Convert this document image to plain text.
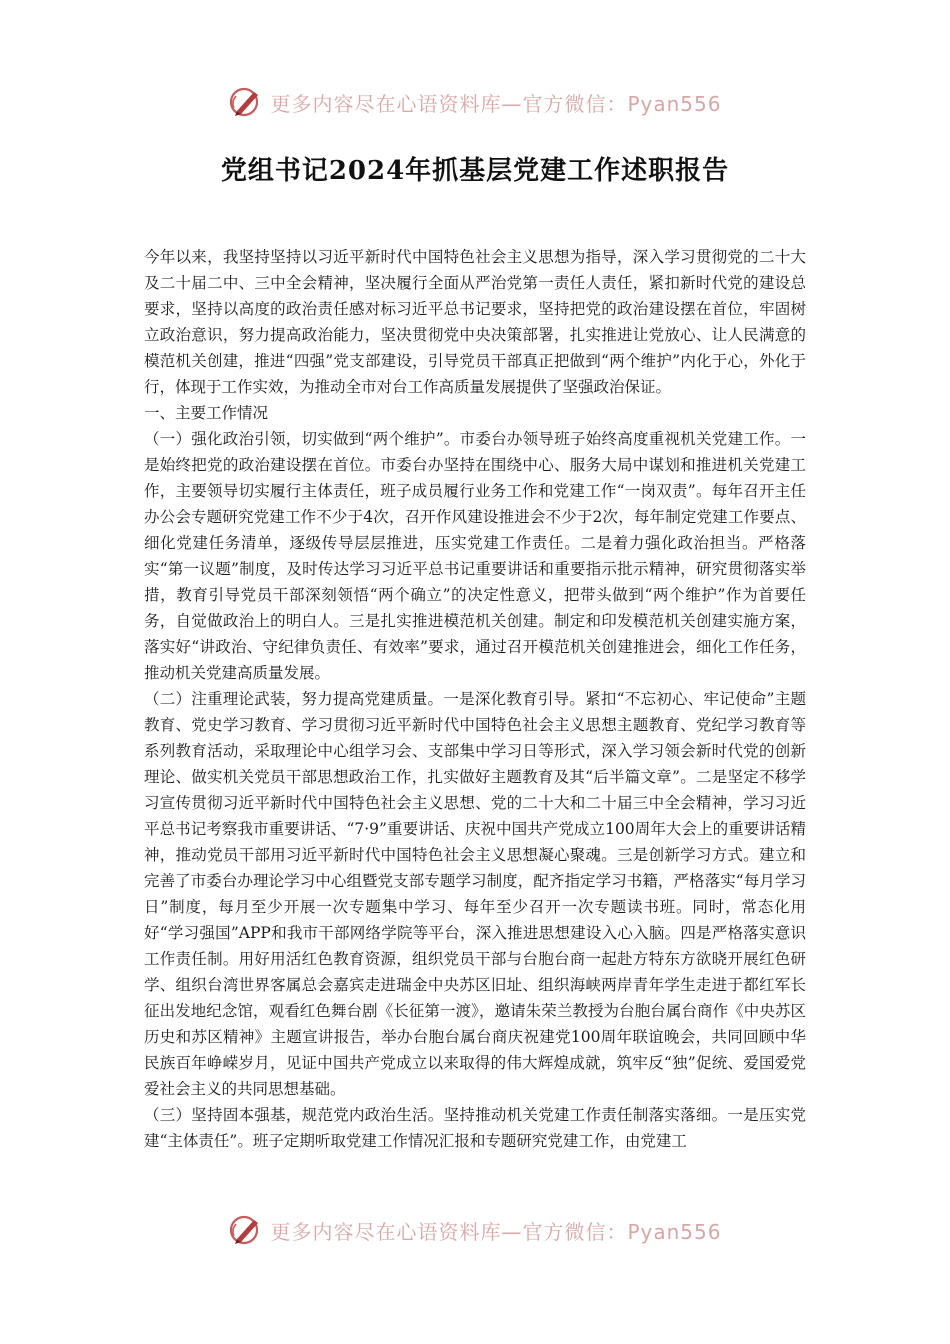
更多内容尽在心语资料库—官方微信：Pyan556
党组书记2024年抓基层党建工作述职报告

今年以来，我坚持坚持以习近平新时代中国特色社会主义思想为指导，深入学习贯彻党的二十大及二十届二中、三中全会精神，坚决履行全面从严治党第一责任人责任，紧扣新时代党的建设总要求，坚持以高度的政治责任感对标习近平总书记要求，坚持把党的政治建设摆在首位，牢固树立政治意识，努力提高政治能力，坚决贯彻党中央决策部署，扎实推进让党放心、让人民满意的模范机关创建，推进“四强”党支部建设，引导党员干部真正把做到“两个维护”内化于心，外化于行，体现于工作实效，为推动全市对台工作高质量发展提供了坚强政治保证。

一、主要工作情况

（一）强化政治引领，切实做到“两个维护”。市委台办领导班子始终高度重视机关党建工作。一是始终把党的政治建设摆在首位。市委台办坚持在围绕中心、服务大局中谋划和推进机关党建工作，主要领导切实履行主体责任，班子成员履行业务工作和党建工作“一岗双责”。每年召开主任办公会专题研究党建工作不少于4次，召开作风建设推进会不少于2次，每年制定党建工作要点、细化党建任务清单，逐级传导层层推进，压实党建工作责任。二是着力强化政治担当。严格落实“第一议题”制度，及时传达学习习近平总书记重要讲话和重要指示批示精神，研究贯彻落实举措，教育引导党员干部深刻领悟“两个确立”的决定性意义，把带头做到“两个维护”作为首要任务，自觉做政治上的明白人。三是扎实推进模范机关创建。制定和印发模范机关创建实施方案，落实好“讲政治、守纪律负责任、有效率”要求，通过召开模范机关创建推进会，细化工作任务，推动机关党建高质量发展。

（二）注重理论武装，努力提高党建质量。一是深化教育引导。紧扣“不忘初心、牢记使命”主题教育、党史学习教育、学习贯彻习近平新时代中国特色社会主义思想主题教育、党纪学习教育等系列教育活动，采取理论中心组学习会、支部集中学习日等形式，深入学习领会新时代党的创新理论、做实机关党员干部思想政治工作，扎实做好主题教育及其“后半篇文章”。二是坚定不移学习宣传贯彻习近平新时代中国特色社会主义思想、党的二十大和二十届三中全会精神，学习习近平总书记考察我市重要讲话、“7·9”重要讲话、庆祝中国共产党成立100周年大会上的重要讲话精神，推动党员干部用习近平新时代中国特色社会主义思想凝心聚魂。三是创新学习方式。建立和完善了市委台办理论学习中心组暨党支部专题学习制度，配齐指定学习书籍，严格落实“每月学习日”制度，每月至少开展一次专题集中学习、每年至少召开一次专题读书班。同时，常态化用好“学习强国”APP和我市干部网络学院等平台，深入推进思想建设入心入脑。四是严格落实意识工作责任制。用好用活红色教育资源，组织党员干部与台胞台商一起赴方特东方欲晓开展红色研学、组织台湾世界客属总会嘉宾走进瑞金中央苏区旧址、组织海峡两岸青年学生走进于都红军长征出发地纪念馆，观看红色舞台剧《长征第一渡》，邀请朱荣兰教授为台胞台属台商作《中央苏区历史和苏区精神》主题宣讲报告，举办台胞台属台商庆祝建党100周年联谊晚会，共同回顾中华民族百年峥嵘岁月，见证中国共产党成立以来取得的伟大辉煌成就，筑牢反“独”促统、爱国爱党爱社会主义的共同思想基础。

（三）坚持固本强基，规范党内政治生活。坚持推动机关党建工作责任制落实落细。一是压实党建“主体责任”。班子定期听取党建工作情况汇报和专题研究党建工作，由党建工

更多内容尽在心语资料库—官方微信：Pyan556
